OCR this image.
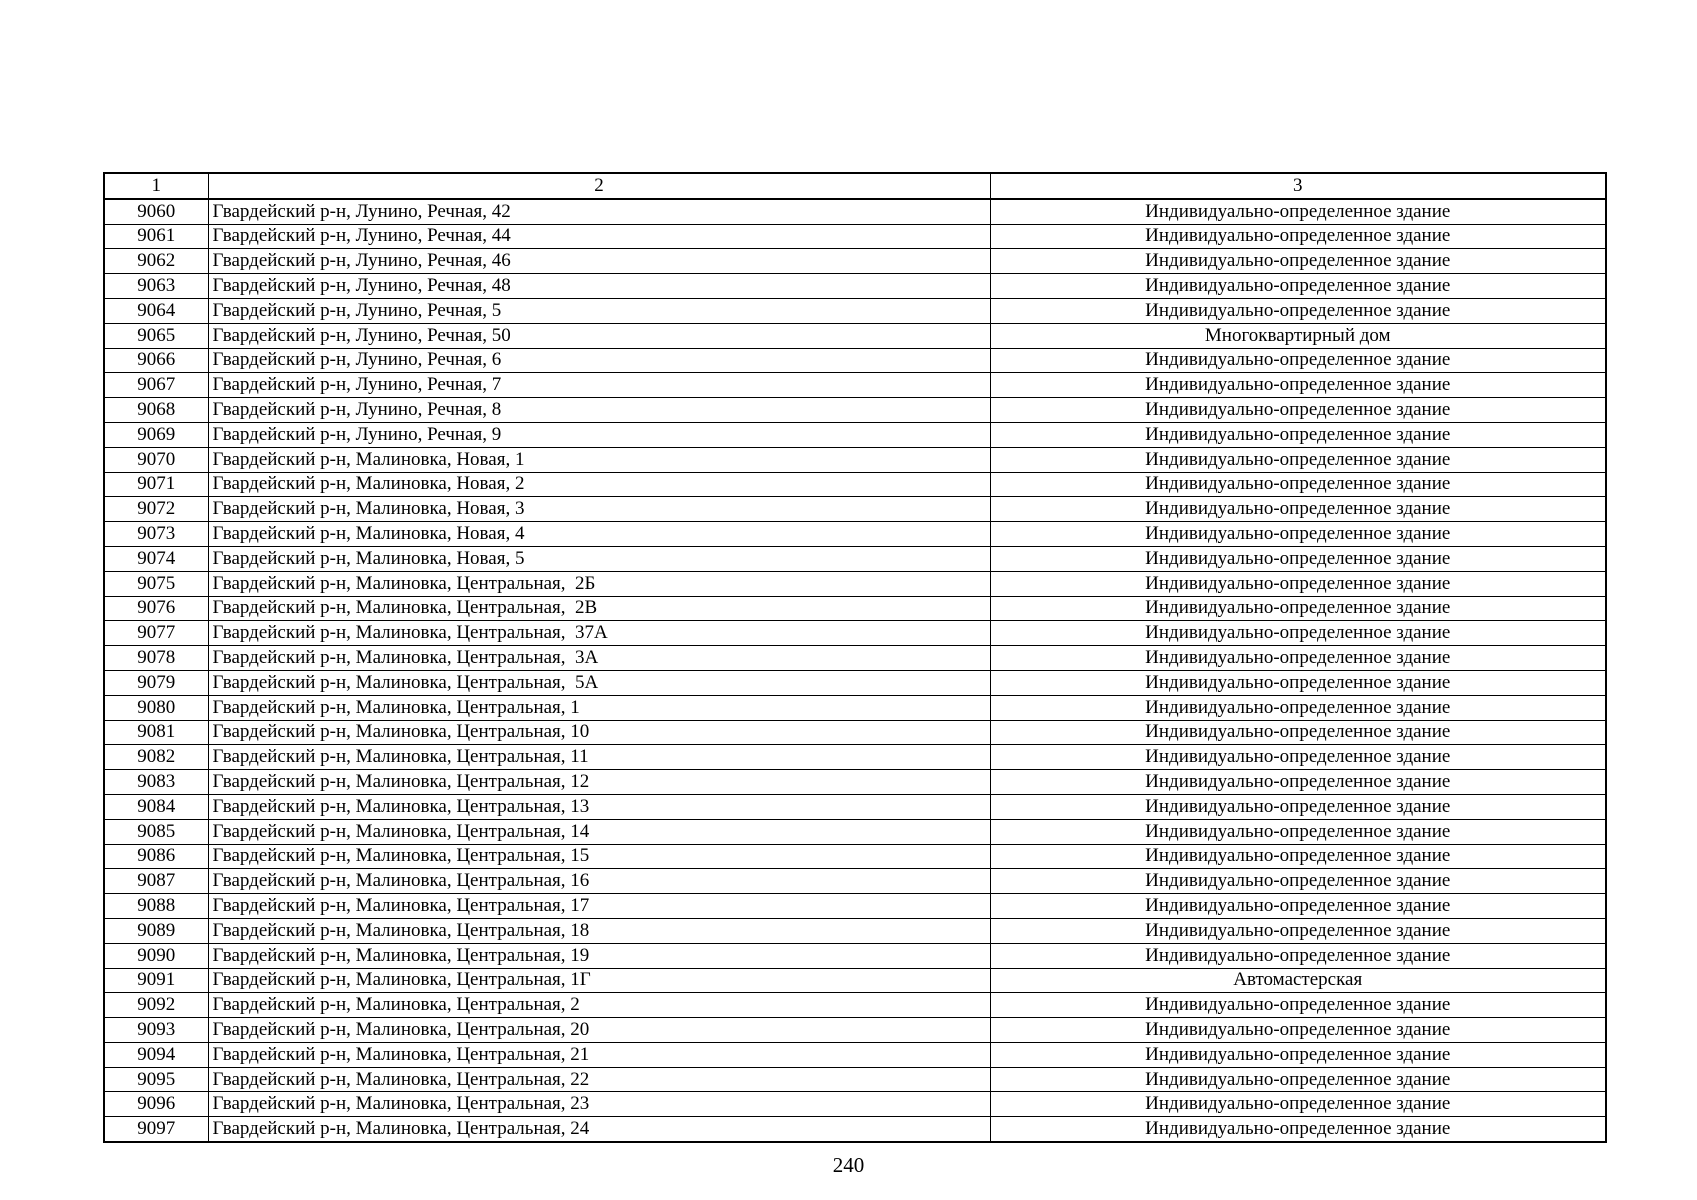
1	2	3
9060	Гвардейский р-н, Лунино, Речная, 42	Индивидуально-определенное здание
9061	Гвардейский р-н, Лунино, Речная, 44	Индивидуально-определенное здание
9062	Гвардейский р-н, Лунино, Речная, 46	Индивидуально-определенное здание
9063	Гвардейский р-н, Лунино, Речная, 48	Индивидуально-определенное здание
9064	Гвардейский р-н, Лунино, Речная, 5	Индивидуально-определенное здание
9065	Гвардейский р-н, Лунино, Речная, 50	Многоквартирный дом
9066	Гвардейский р-н, Лунино, Речная, 6	Индивидуально-определенное здание
9067	Гвардейский р-н, Лунино, Речная, 7	Индивидуально-определенное здание
9068	Гвардейский р-н, Лунино, Речная, 8	Индивидуально-определенное здание
9069	Гвардейский р-н, Лунино, Речная, 9	Индивидуально-определенное здание
9070	Гвардейский р-н, Малиновка, Новая, 1	Индивидуально-определенное здание
9071	Гвардейский р-н, Малиновка, Новая, 2	Индивидуально-определенное здание
9072	Гвардейский р-н, Малиновка, Новая, 3	Индивидуально-определенное здание
9073	Гвардейский р-н, Малиновка, Новая, 4	Индивидуально-определенное здание
9074	Гвардейский р-н, Малиновка, Новая, 5	Индивидуально-определенное здание
9075	Гвардейский р-н, Малиновка, Центральная,  2Б	Индивидуально-определенное здание
9076	Гвардейский р-н, Малиновка, Центральная,  2В	Индивидуально-определенное здание
9077	Гвардейский р-н, Малиновка, Центральная,  37А	Индивидуально-определенное здание
9078	Гвардейский р-н, Малиновка, Центральная,  3А	Индивидуально-определенное здание
9079	Гвардейский р-н, Малиновка, Центральная,  5А	Индивидуально-определенное здание
9080	Гвардейский р-н, Малиновка, Центральная, 1	Индивидуально-определенное здание
9081	Гвардейский р-н, Малиновка, Центральная, 10	Индивидуально-определенное здание
9082	Гвардейский р-н, Малиновка, Центральная, 11	Индивидуально-определенное здание
9083	Гвардейский р-н, Малиновка, Центральная, 12	Индивидуально-определенное здание
9084	Гвардейский р-н, Малиновка, Центральная, 13	Индивидуально-определенное здание
9085	Гвардейский р-н, Малиновка, Центральная, 14	Индивидуально-определенное здание
9086	Гвардейский р-н, Малиновка, Центральная, 15	Индивидуально-определенное здание
9087	Гвардейский р-н, Малиновка, Центральная, 16	Индивидуально-определенное здание
9088	Гвардейский р-н, Малиновка, Центральная, 17	Индивидуально-определенное здание
9089	Гвардейский р-н, Малиновка, Центральная, 18	Индивидуально-определенное здание
9090	Гвардейский р-н, Малиновка, Центральная, 19	Индивидуально-определенное здание
9091	Гвардейский р-н, Малиновка, Центральная, 1Г	Автомастерская
9092	Гвардейский р-н, Малиновка, Центральная, 2	Индивидуально-определенное здание
9093	Гвардейский р-н, Малиновка, Центральная, 20	Индивидуально-определенное здание
9094	Гвардейский р-н, Малиновка, Центральная, 21	Индивидуально-определенное здание
9095	Гвардейский р-н, Малиновка, Центральная, 22	Индивидуально-определенное здание
9096	Гвардейский р-н, Малиновка, Центральная, 23	Индивидуально-определенное здание
9097	Гвардейский р-н, Малиновка, Центральная, 24	Индивидуально-определенное здание
240
